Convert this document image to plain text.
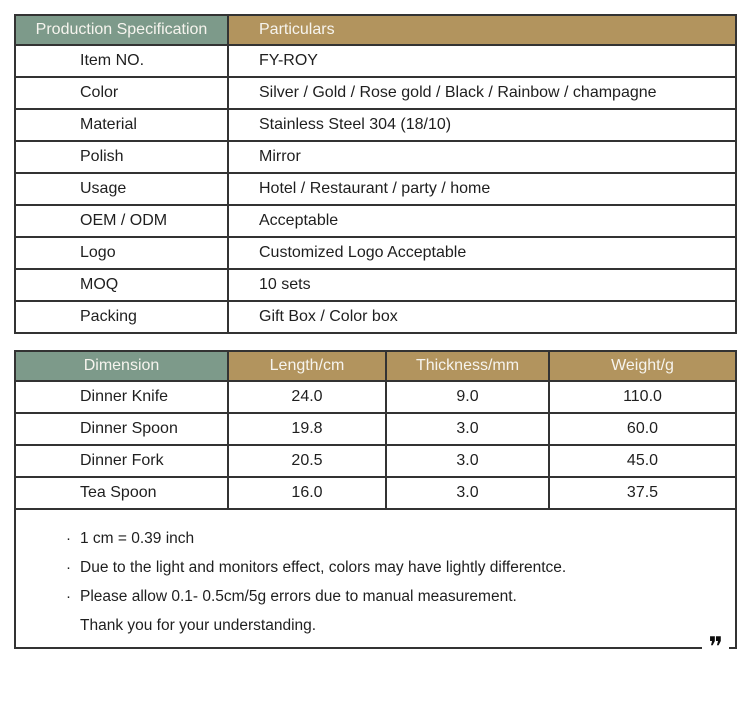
Production Specification	Particulars
Item NO.	FY-ROY
Color	Silver / Gold / Rose gold / Black / Rainbow / champagne
Material	Stainless Steel 304 (18/10)
Polish	Mirror
Usage	Hotel / Restaurant / party / home
OEM / ODM	Acceptable
Logo	Customized Logo Acceptable
MOQ	10 sets
Packing	Gift Box / Color box
Dimension	Length/cm	Thickness/mm	Weight/g
Dinner Knife	24.0	9.0	110.0
Dinner Spoon	19.8	3.0	60.0
Dinner Fork	20.5	3.0	45.0
Tea Spoon	16.0	3.0	37.5
· 1 cm = 0.39 inch
· Due to the light and monitors effect, colors may have lightly differentce.
· Please allow 0.1- 0.5cm/5g errors due to manual measurement.
Thank you for your understanding.
❞
